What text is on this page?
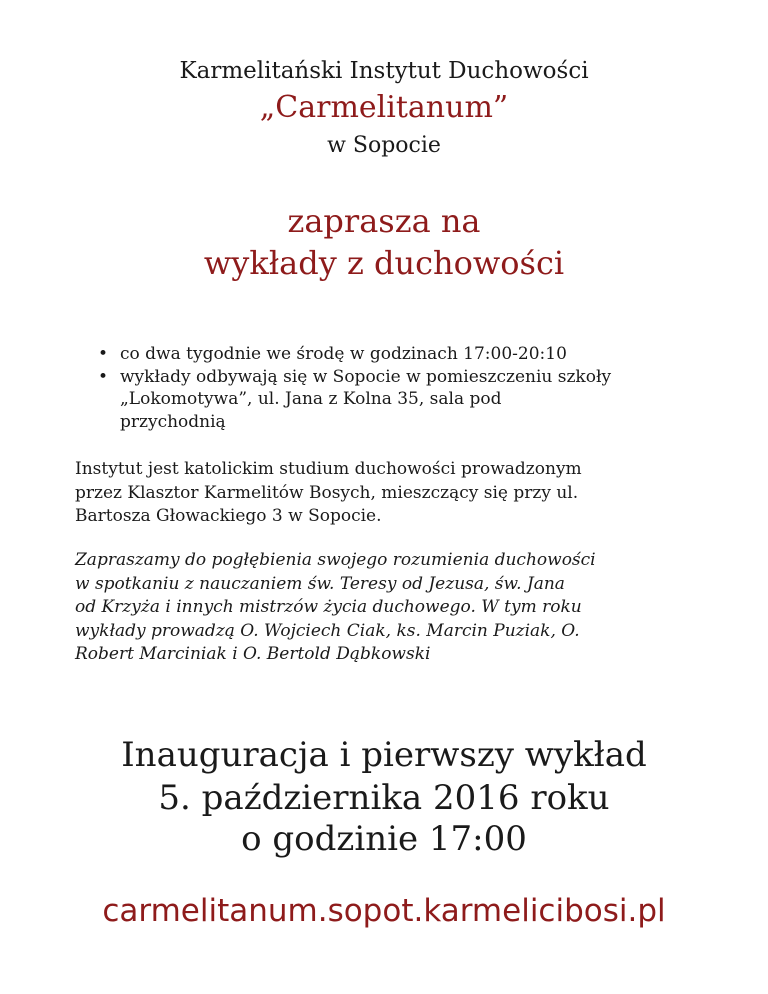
Karmelitański Instytut Duchowości
„Carmelitanum”
w Sopocie
zaprasza na
wykłady z duchowości
• co dwa tygodnie we środę w godzinach 17:00-20:10
• wykłady odbywają się w Sopocie w pomieszczeniu szkoły
„Lokomotywa”, ul. Jana z Kolna 35, sala pod
przychodnią

Instytut jest katolickim studium duchowości prowadzonym
przez Klasztor Karmelitów Bosych, mieszczący się przy ul.
Bartosza Głowackiego 3 w Sopocie.

Zapraszamy do pogłębienia swojego rozumienia duchowości
w spotkaniu z nauczaniem św. Teresy od Jezusa, św. Jana
od Krzyża i innych mistrzów życia duchowego. W tym roku
wykłady prowadzą O. Wojciech Ciak, ks. Marcin Puziak, O.
Robert Marciniak i O. Bertold Dąbkowski

Inauguracja i pierwszy wykład
5. października 2016 roku
o godzinie 17:00
carmelitanum.sopot.karmelicibosi.pl
